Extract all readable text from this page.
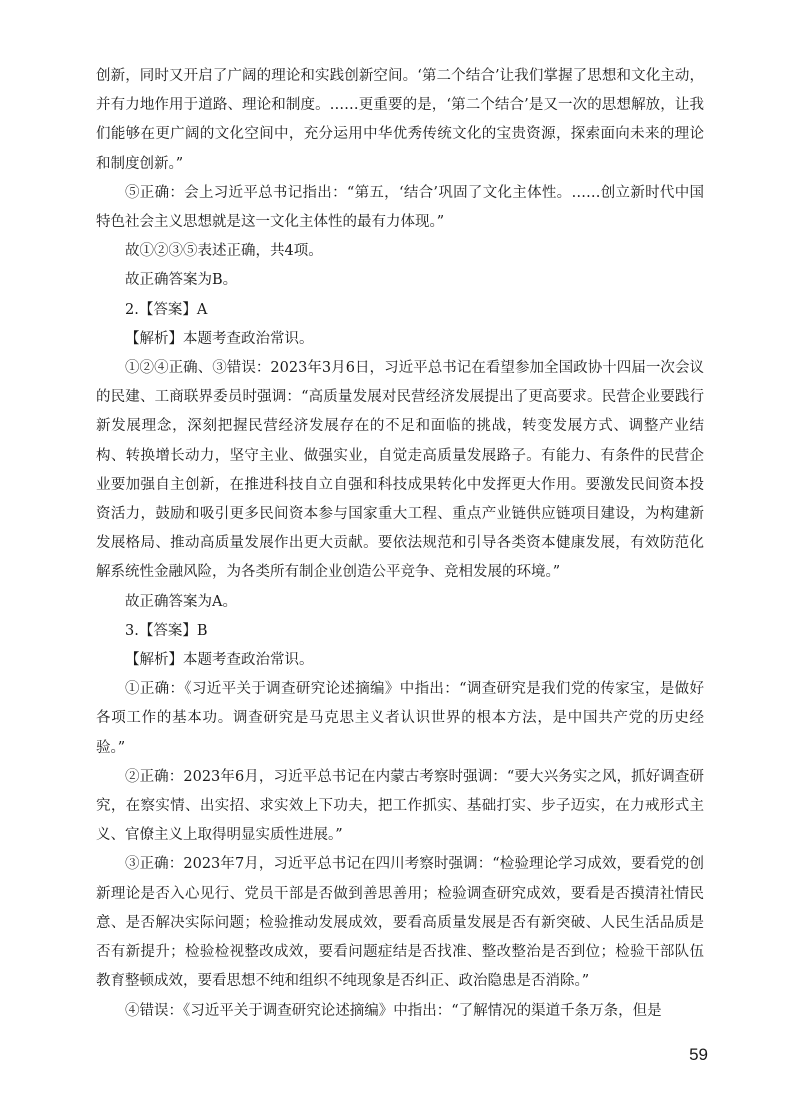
创新，同时又开启了广阔的理论和实践创新空间。‘第二个结合’让我们掌握了思想和文化主动，并有力地作用于道路、理论和制度。……更重要的是，‘第二个结合’是又一次的思想解放，让我们能够在更广阔的文化空间中，充分运用中华优秀传统文化的宝贵资源，探索面向未来的理论和制度创新。”

⑤正确：会上习近平总书记指出：“第五，‘结合’巩固了文化主体性。……创立新时代中国特色社会主义思想就是这一文化主体性的最有力体现。”

故①②③⑤表述正确，共4项。

故正确答案为B。

2.【答案】A

【解析】本题考查政治常识。

①②④正确、③错误：2023年3月6日，习近平总书记在看望参加全国政协十四届一次会议的民建、工商联界委员时强调：“高质量发展对民营经济发展提出了更高要求。民营企业要践行新发展理念，深刻把握民营经济发展存在的不足和面临的挑战，转变发展方式、调整产业结构、转换增长动力，坚守主业、做强实业，自觉走高质量发展路子。有能力、有条件的民营企业要加强自主创新，在推进科技自立自强和科技成果转化中发挥更大作用。要激发民间资本投资活力，鼓励和吸引更多民间资本参与国家重大工程、重点产业链供应链项目建设，为构建新发展格局、推动高质量发展作出更大贡献。要依法规范和引导各类资本健康发展，有效防范化解系统性金融风险，为各类所有制企业创造公平竞争、竞相发展的环境。”

故正确答案为A。

3.【答案】B

【解析】本题考查政治常识。

①正确：《习近平关于调查研究论述摘编》中指出：“调查研究是我们党的传家宝，是做好各项工作的基本功。调查研究是马克思主义者认识世界的根本方法，是中国共产党的历史经验。”

②正确：2023年6月，习近平总书记在内蒙古考察时强调：“要大兴务实之风，抓好调查研究，在察实情、出实招、求实效上下功夫，把工作抓实、基础打实、步子迈实，在力戒形式主义、官僚主义上取得明显实质性进展。”

③正确：2023年7月，习近平总书记在四川考察时强调：“检验理论学习成效，要看党的创新理论是否入心见行、党员干部是否做到善思善用；检验调查研究成效，要看是否摸清社情民意、是否解决实际问题；检验推动发展成效，要看高质量发展是否有新突破、人民生活品质是否有新提升；检验检视整改成效，要看问题症结是否找准、整改整治是否到位；检验干部队伍教育整顿成效，要看思想不纯和组织不纯现象是否纠正、政治隐患是否消除。”

④错误：《习近平关于调查研究论述摘编》中指出：“了解情况的渠道千条万条，但是

59
